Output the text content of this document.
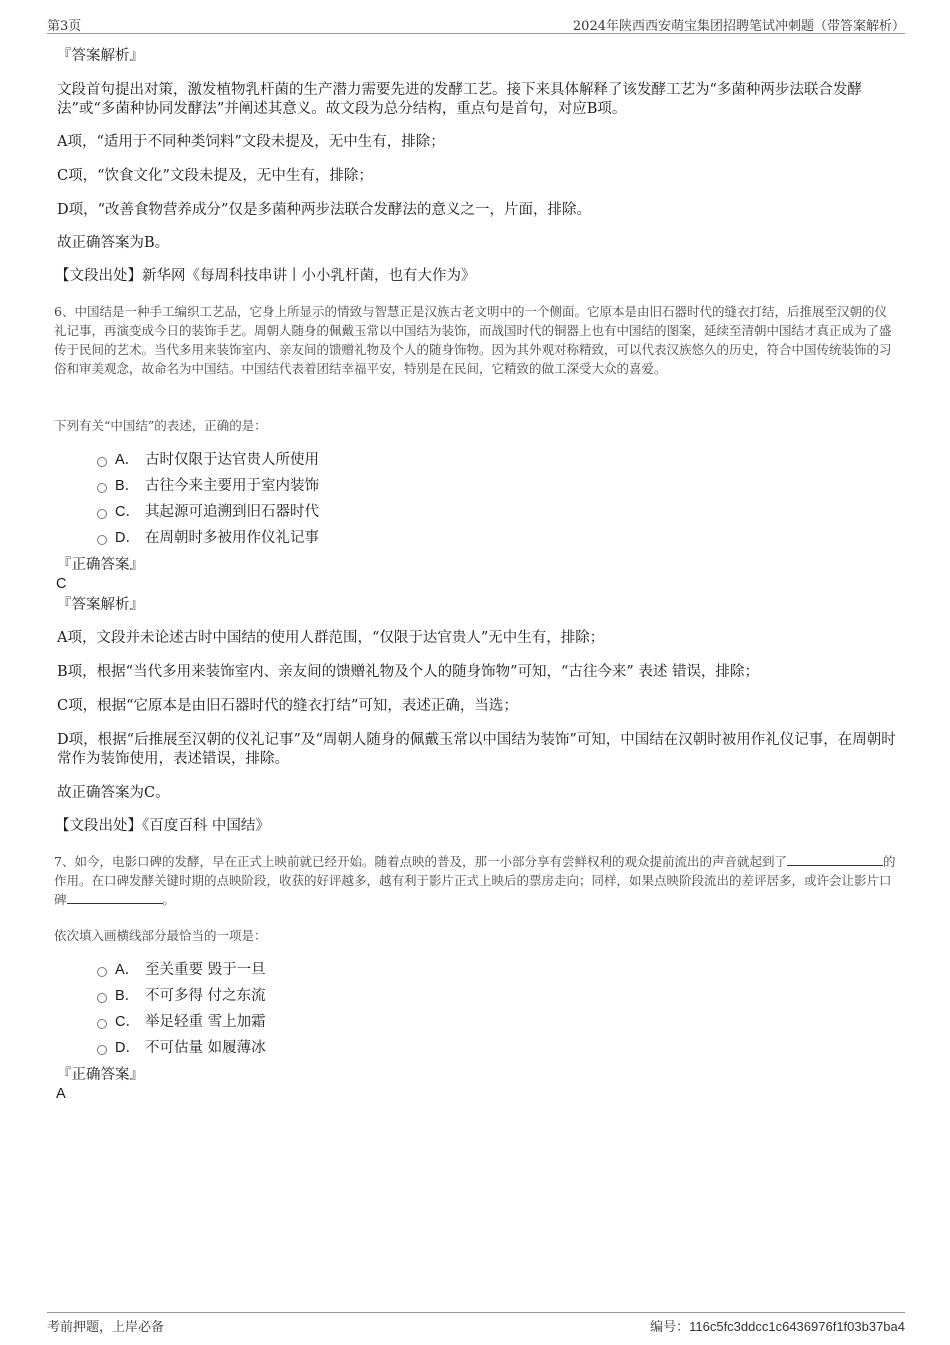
第3页	2024年陕西西安萌宝集团招聘笔试冲刺题（带答案解析）
『答案解析』
文段首句提出对策，激发植物乳杆菌的生产潜力需要先进的发酵工艺。接下来具体解释了该发酵工艺为“多菌种两步法联合发酵法”或“多菌种协同发酵法”并阐述其意义。故文段为总分结构，重点句是首句，对应B项。
A项，“适用于不同种类饲料”文段未提及，无中生有，排除；
C项，“饮食文化”文段未提及，无中生有，排除；
D项，“改善食物营养成分”仅是多菌种两步法联合发酵法的意义之一，片面，排除。
故正确答案为B。
【文段出处】新华网《每周科技串讲丨小小乳杆菌，也有大作为》
6、中国结是一种手工编织工艺品，它身上所显示的情致与智慧正是汉族古老文明中的一个侧面。它原本是由旧石器时代的缝衣打结，后推展至汉朝的仪礼记事，再演变成今日的装饰手艺。周朝人随身的佩戴玉常以中国结为装饰，而战国时代的铜器上也有中国结的图案，延续至清朝中国结才真正成为了盛传于民间的艺术。当代多用来装饰室内、亲友间的馈赠礼物及个人的随身饰物。因为其外观对称精致，可以代表汉族悠久的历史，符合中国传统装饰的习俗和审美观念，故命名为中国结。中国结代表着团结幸福平安，特别是在民间，它精致的做工深受大众的喜爱。
下列有关“中国结”的表述，正确的是：
A． 古时仅限于达官贵人所使用
B． 古往今来主要用于室内装饰
C． 其起源可追溯到旧石器时代
D． 在周朝时多被用作仪礼记事
『正确答案』
C
『答案解析』
A项，文段并未论述古时中国结的使用人群范围，“仅限于达官贵人”无中生有，排除；
B项，根据“当代多用来装饰室内、亲友间的馈赠礼物及个人的随身饰物”可知，“古往今来” 表述 错误，排除；
C项，根据“它原本是由旧石器时代的缝衣打结”可知，表述正确，当选；
D项，根据“后推展至汉朝的仪礼记事”及“周朝人随身的佩戴玉常以中国结为装饰”可知，中国结在汉朝时被用作礼仪记事，在周朝时常作为装饰使用，表述错误，排除。
故正确答案为C。
【文段出处】《百度百科 中国结》
7、如今，电影口碑的发酵，早在正式上映前就已经开始。随着点映的普及，那一小部分享有尝鲜权利的观众提前流出的声音就起到了	的作用。在口碑发酵关键时期的点映阶段，收获的好评越多，越有利于影片正式上映后的票房走向；同样，如果点映阶段流出的差评居多，或许会让影片口碑	。
依次填入画横线部分最恰当的一项是：
A． 至关重要 毁于一旦
B． 不可多得 付之东流
C． 举足轻重 雪上加霜
D． 不可估量 如履薄冰
『正确答案』
A
考前押题，上岸必备	编号：116c5fc3ddcc1c6436976f1f03b37ba4
